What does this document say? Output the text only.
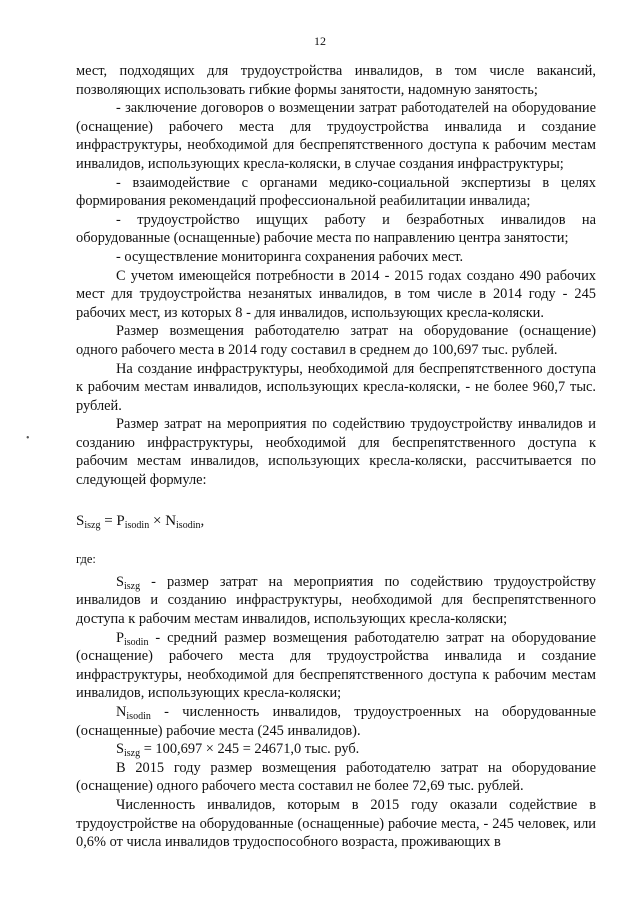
12

мест, подходящих для трудоустройства инвалидов, в том числе вакансий, позволяющих использовать гибкие формы занятости, надомную занятость;

- заключение договоров о возмещении затрат работодателей на оборудование (оснащение) рабочего места для трудоустройства инвалида и создание инфраструктуры, необходимой для беспрепятственного доступа к рабочим местам инвалидов, использующих кресла-коляски, в случае создания инфраструктуры;

- взаимодействие с органами медико-социальной экспертизы в целях формирования рекомендаций профессиональной реабилитации инвалида;

- трудоустройство ищущих работу и безработных инвалидов на оборудованные (оснащенные) рабочие места по направлению центра занятости;

- осуществление мониторинга сохранения рабочих мест.

С учетом имеющейся потребности в 2014 - 2015 годах создано 490 рабочих мест для трудоустройства незанятых инвалидов, в том числе в 2014 году - 245 рабочих мест, из которых 8 - для инвалидов, использующих кресла-коляски.

Размер возмещения работодателю затрат на оборудование (оснащение) одного рабочего места в 2014 году составил в среднем до 100,697 тыс. рублей.

На создание инфраструктуры, необходимой для беспрепятственного доступа к рабочим местам инвалидов, использующих кресла-коляски, - не более 960,7 тыс. рублей.

Размер затрат на мероприятия по содействию трудоустройству инвалидов и созданию инфраструктуры, необходимой для беспрепятственного доступа к рабочим местам инвалидов, использующих кресла-коляски, рассчитывается по следующей формуле:

$S_{iszg} = P_{isodin} \times N_{isodin}$,

где:

$S_{iszg}$ - размер затрат на мероприятия по содействию трудоустройству инвалидов и созданию инфраструктуры, необходимой для беспрепятственного доступа к рабочим местам инвалидов, использующих кресла-коляски;

$P_{isodin}$ - средний размер возмещения работодателю затрат на оборудование (оснащение) рабочего места для трудоустройства инвалида и создание инфраструктуры, необходимой для беспрепятственного доступа к рабочим местам инвалидов, использующих кресла-коляски;

$N_{isodin}$ - численность инвалидов, трудоустроенных на оборудованные (оснащенные) рабочие места (245 инвалидов).

$S_{iszg} = 100,697 \times 245 = 24671,0$ тыс. руб.

В 2015 году размер возмещения работодателю затрат на оборудование (оснащение) одного рабочего места составил не более 72,69 тыс. рублей.

Численность инвалидов, которым в 2015 году оказали содействие в трудоустройстве на оборудованные (оснащенные) рабочие места, - 245 человек, или 0,6% от числа инвалидов трудоспособного возраста, проживающих в

•
